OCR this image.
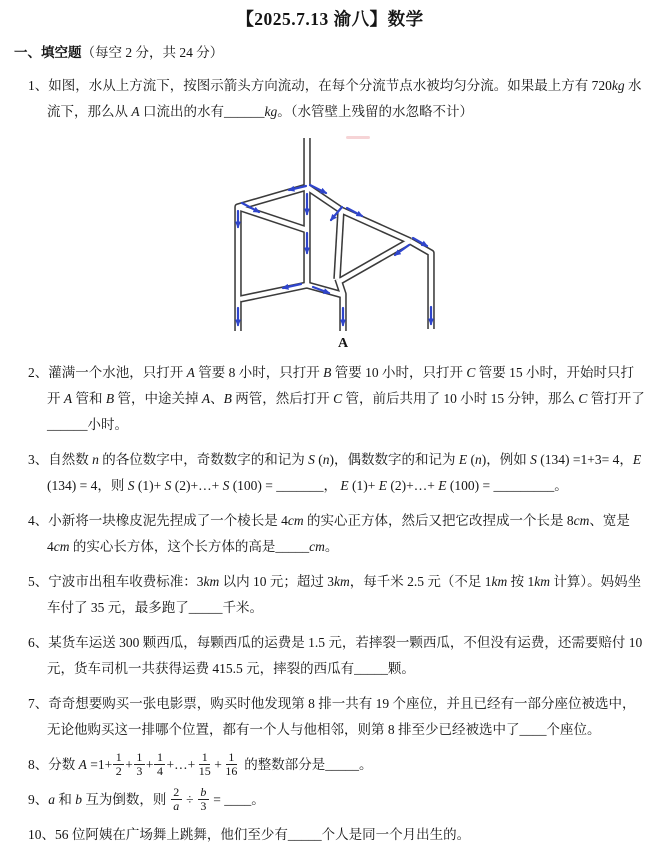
【2025.7.13 渝八】数学

一、填空题（每空 2 分，共 24 分）

1、如图，水从上方流下，按图示箭头方向流动，在每个分流节点水被均匀分流。如果最上方有 720kg 水流下，那么从 A 口流出的水有______kg。（水管壁上残留的水忽略不计）

A

2、灌满一个水池，只打开 A 管要 8 小时，只打开 B 管要 10 小时，只打开 C 管要 15 小时，开始时只打开 A 管和 B 管，中途关掉 A、B 两管，然后打开 C 管，前后共用了 10 小时 15 分钟，那么 C 管打开了______小时。

3、自然数 n 的各位数字中，奇数数字的和记为 S (n)，偶数数字的和记为 E (n)，例如 S (134) =1+3= 4，E (134) = 4，则 S (1)+ S (2)+…+ S (100) = _______， E (1)+ E (2)+…+ E (100) = _________。

4、小新将一块橡皮泥先捏成了一个棱长是 4cm 的实心正方体，然后又把它改捏成一个长是 8cm、宽是 4cm 的实心长方体，这个长方体的高是_____cm。

5、宁波市出租车收费标准：3km 以内 10 元；超过 3km，每千米 2.5 元（不足 1km 按 1km 计算）。妈妈坐车付了 35 元，最多跑了_____千米。

6、某货车运送 300 颗西瓜，每颗西瓜的运费是 1.5 元，若摔裂一颗西瓜，不但没有运费，还需要赔付 10 元，货车司机一共获得运费 415.5 元，摔裂的西瓜有_____颗。

7、奇奇想要购买一张电影票，购买时他发现第 8 排一共有 19 个座位，并且已经有一部分座位被选中，无论他购买这一排哪个位置，都有一个人与他相邻，则第 8 排至少已经被选中了____个座位。

8、分数 $A =1+ \frac{1}{2} + \frac{1}{3} + \frac{1}{4}$ +…+ $\frac{1}{15} + \frac{1}{16}$ 的整数部分是_____。

9、a 和 b 互为倒数，则 $\frac{2}{a} \div \frac{b}{3}$ = ____。

10、56 位阿姨在广场舞上跳舞，他们至少有_____个人是同一个月出生的。
